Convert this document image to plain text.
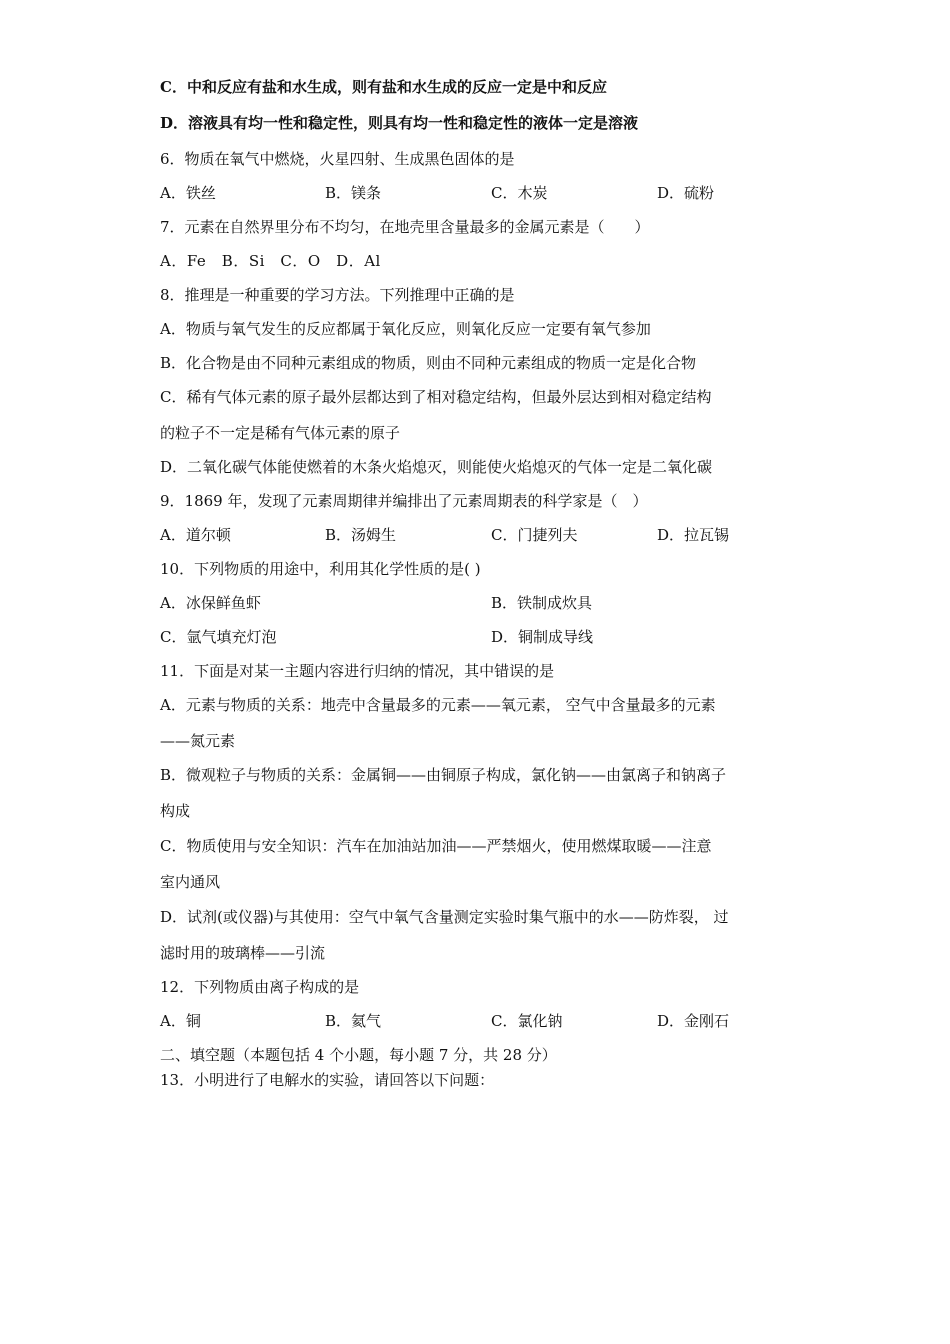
C．中和反应有盐和水生成，则有盐和水生成的反应一定是中和反应
D．溶液具有均一性和稳定性，则具有均一性和稳定性的液体一定是溶液
6．物质在氧气中燃烧，火星四射、生成黑色固体的是
A．铁丝	B．镁条	C．木炭	D．硫粉
7．元素在自然界里分布不均匀，在地壳里含量最多的金属元素是（　　）
A．Fe　B．Si　C．O　D．Al
8．推理是一种重要的学习方法。下列推理中正确的是
A．物质与氧气发生的反应都属于氧化反应，则氧化反应一定要有氧气参加
B．化合物是由不同种元素组成的物质，则由不同种元素组成的物质一定是化合物
C．稀有气体元素的原子最外层都达到了相对稳定结构，但最外层达到相对稳定结构
的粒子不一定是稀有气体元素的原子
D．二氧化碳气体能使燃着的木条火焰熄灭，则能使火焰熄灭的气体一定是二氧化碳
9．1869 年，发现了元素周期律并编排出了元素周期表的科学家是（　）
A．道尔顿	B．汤姆生	C．门捷列夫	D．拉瓦锡
10．下列物质的用途中，利用其化学性质的是( )
A．冰保鲜鱼虾	B．铁制成炊具
C．氩气填充灯泡	D．铜制成导线
11．下面是对某一主题内容进行归纳的情况，其中错误的是
A．元素与物质的关系：地壳中含量最多的元素——氧元素， 空气中含量最多的元素
——氮元素
B．微观粒子与物质的关系：金属铜——由铜原子构成，氯化钠——由氯离子和钠离子
构成
C．物质使用与安全知识：汽车在加油站加油——严禁烟火，使用燃煤取暖——注意
室内通风
D．试剂(或仪器)与其使用：空气中氧气含量测定实验时集气瓶中的水——防炸裂， 过
滤时用的玻璃棒——引流
12．下列物质由离子构成的是
A．铜	B．氦气	C．氯化钠	D．金刚石
二、填空题（本题包括 4 个小题，每小题 7 分，共 28 分）
13．小明进行了电解水的实验，请回答以下问题：
